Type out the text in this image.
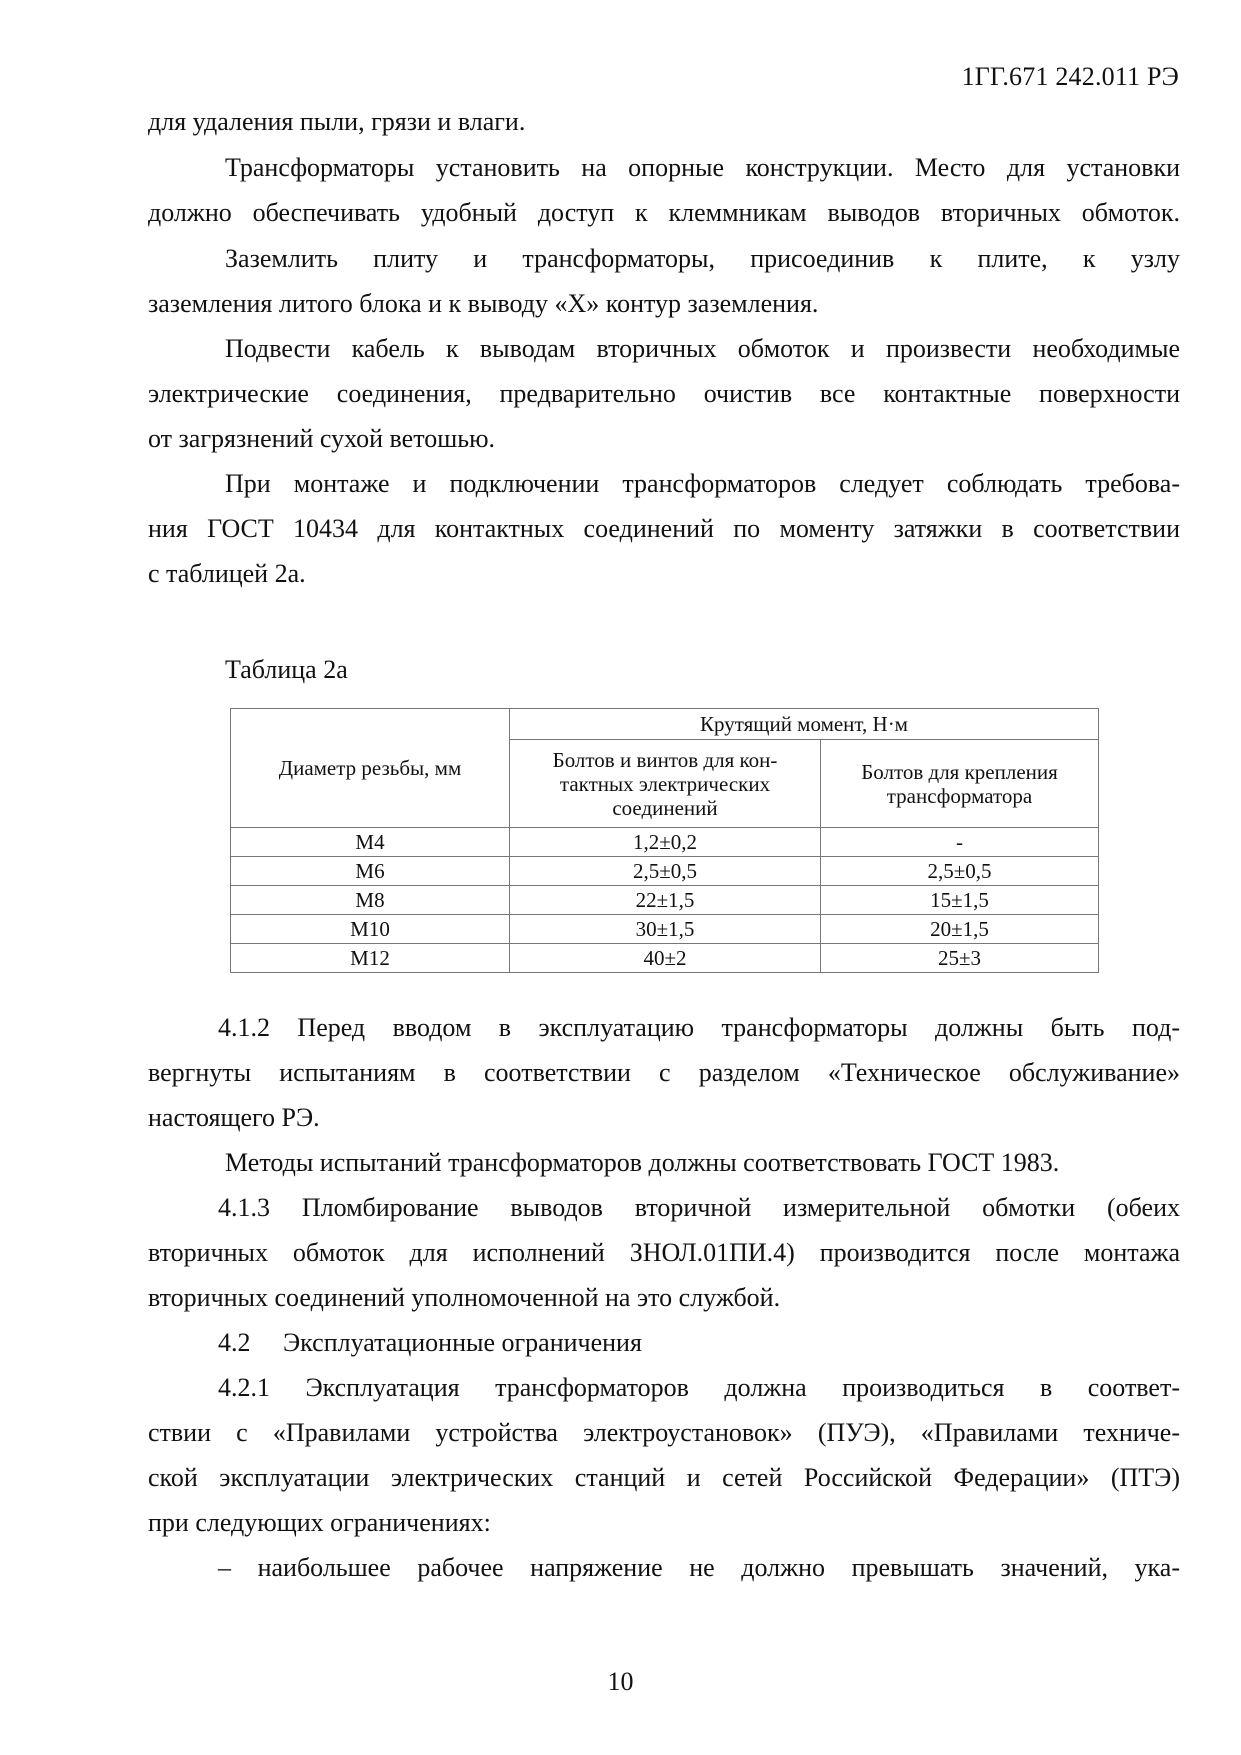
1ГГ.671 242.011 РЭ
для удаления пыли, грязи и влаги.
Трансформаторы установить на опорные конструкции. Место для установки
должно обеспечивать удобный доступ к клеммникам выводов вторичных обмоток.
Заземлить плиту и трансформаторы, присоединив к плите, к узлу
заземления литого блока и к выводу «Х» контур заземления.
Подвести кабель к выводам вторичных обмоток и произвести необходимые
электрические соединения, предварительно очистив все контактные поверхности
от загрязнений сухой ветошью.
При монтаже и подключении трансформаторов следует соблюдать требова-
ния ГОСТ 10434 для контактных соединений по моменту затяжки в соответствии
с таблицей 2а.
Таблица 2а
Диаметр резьбы, мм	Крутящий момент, Н·м	

Болтов и винтов для кон-
тактных электрических
соединений

Болтов для крепления
трансформатора

М4	1,2±0,2	-
М6	2,5±0,5	2,5±0,5
М8	22±1,5	15±1,5
М10	30±1,5	20±1,5
М12	40±2	25±3
4.1.2 Перед вводом в эксплуатацию трансформаторы должны быть под-
вергнуты испытаниям в соответствии с разделом «Техническое обслуживание»
настоящего РЭ.
Методы испытаний трансформаторов должны соответствовать ГОСТ 1983.
4.1.3 Пломбирование выводов вторичной измерительной обмотки (обеих
вторичных обмоток для исполнений ЗНОЛ.01ПИ.4) производится после монтажа
вторичных соединений уполномоченной на это службой.
4.2     Эксплуатационные ограничения
4.2.1 Эксплуатация трансформаторов должна производиться в соответ-
ствии с «Правилами устройства электроустановок» (ПУЭ), «Правилами техниче-
ской эксплуатации электрических станций и сетей Российской Федерации» (ПТЭ)
при следующих ограничениях:
– наибольшее рабочее напряжение не должно превышать значений, ука-
10
